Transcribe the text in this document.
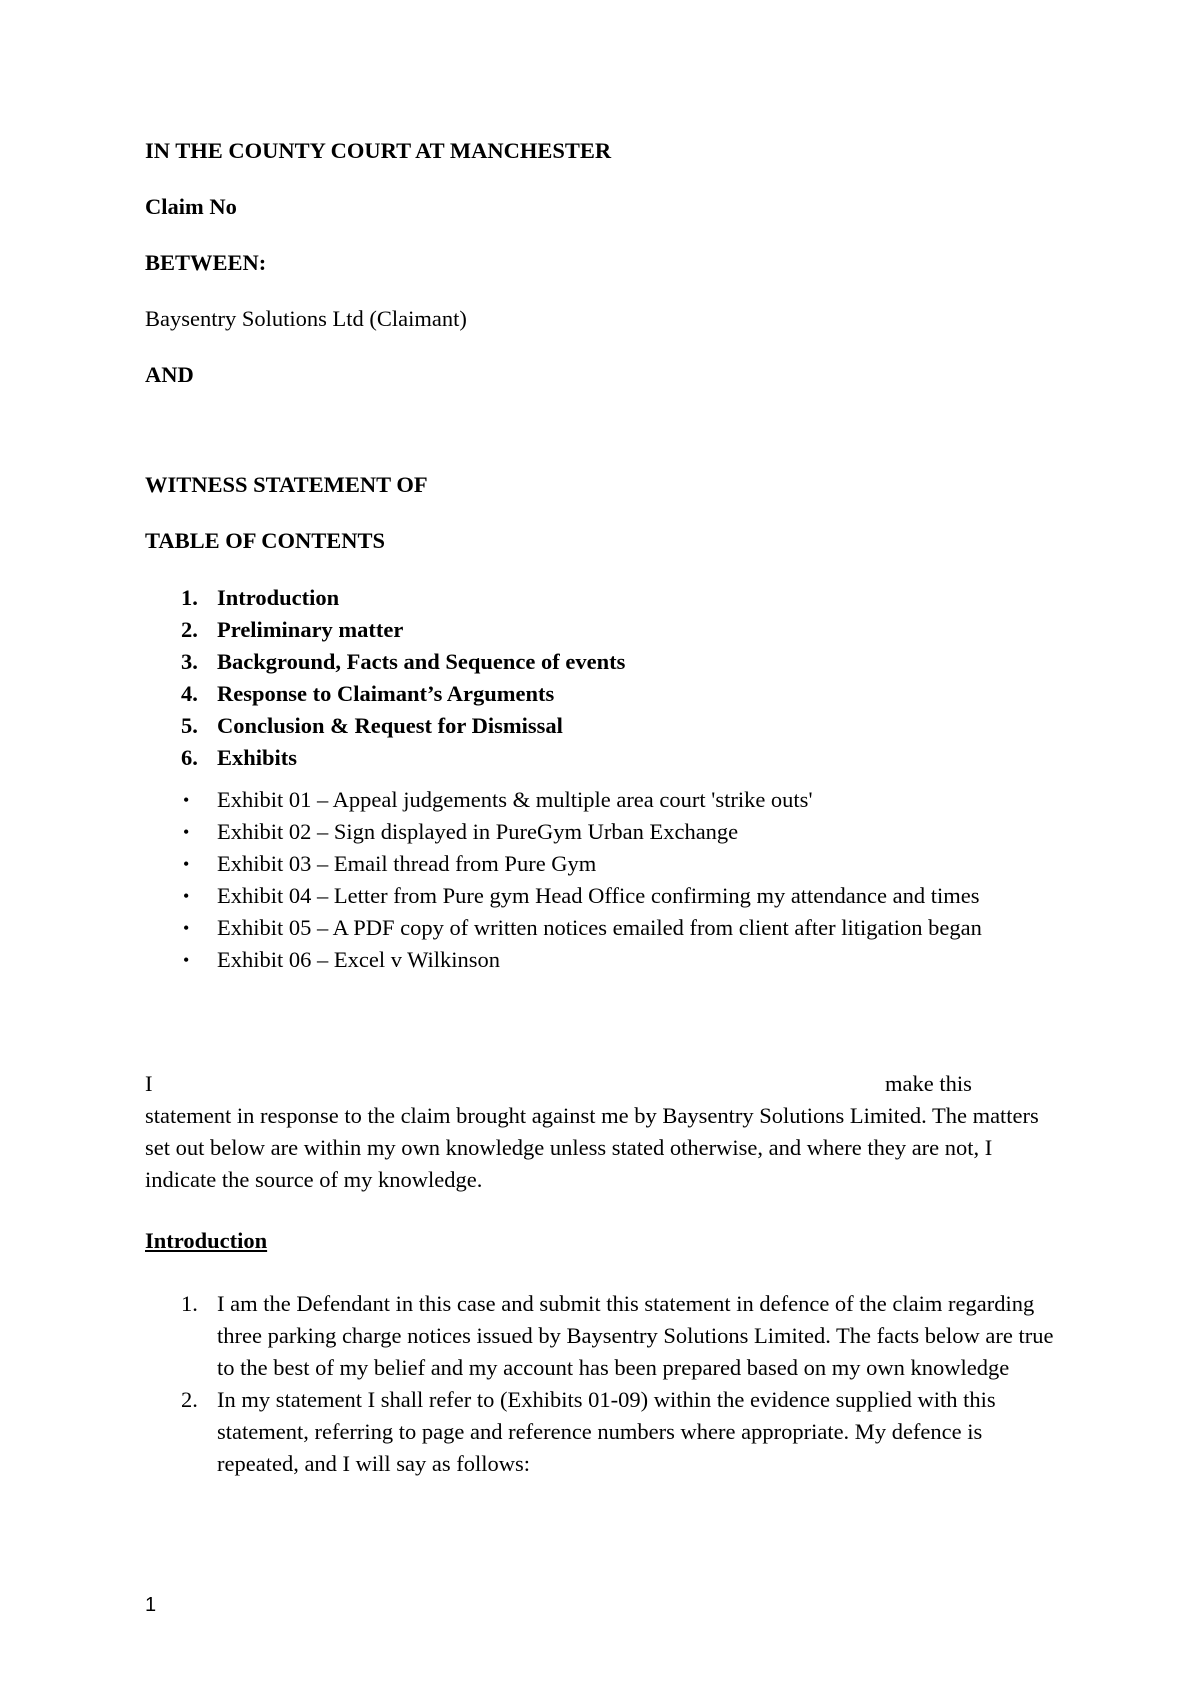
IN THE COUNTY COURT AT MANCHESTER
Claim No
BETWEEN:
Baysentry Solutions Ltd (Claimant)
AND
WITNESS STATEMENT OF
TABLE OF CONTENTS
1. Introduction
2. Preliminary matter
3. Background, Facts and Sequence of events
4. Response to Claimant’s Arguments
5. Conclusion & Request for Dismissal
6. Exhibits
• Exhibit 01 – Appeal judgements & multiple area court 'strike outs'
• Exhibit 02 – Sign displayed in PureGym Urban Exchange
• Exhibit 03 – Email thread from Pure Gym
• Exhibit 04 – Letter from Pure gym Head Office confirming my attendance and times
• Exhibit 05 – A PDF copy of written notices emailed from client after litigation began
• Exhibit 06 – Excel v Wilkinson
I	make this
statement in response to the claim brought against me by Baysentry Solutions Limited. The matters set out below are within my own knowledge unless stated otherwise, and where they are not, I indicate the source of my knowledge.
Introduction
1. I am the Defendant in this case and submit this statement in defence of the claim regarding three parking charge notices issued by Baysentry Solutions Limited. The facts below are true to the best of my belief and my account has been prepared based on my own knowledge
2. In my statement I shall refer to (Exhibits 01-09) within the evidence supplied with this statement, referring to page and reference numbers where appropriate. My defence is repeated, and I will say as follows:
1
